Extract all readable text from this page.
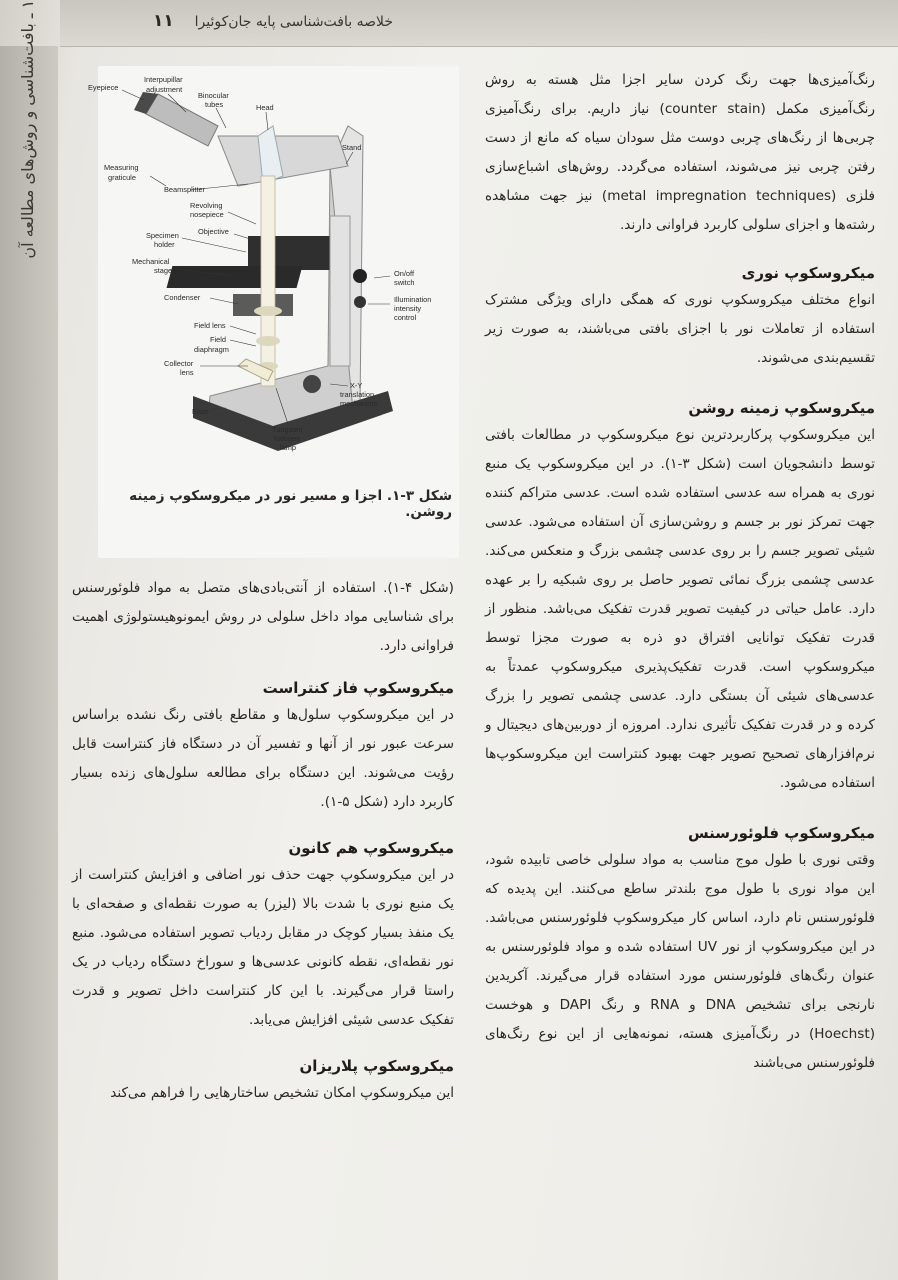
خلاصه بافت‌شناسی پایه جان‌کوئیرا
۱۱
۱ ـ بافت‌شناسی و روش‌های مطالعه آن

رنگ‌آمیزی‌ها جهت رنگ کردن سایر اجزا مثل هسته به روش رنگ‌آمیزی مکمل (counter stain) نیاز داریم. برای رنگ‌آمیزی چربی‌ها از رنگ‌های چربی دوست مثل سودان سیاه که مانع از دست رفتن چربی نیز می‌شوند، استفاده می‌گردد. روش‌های اشباع‌سازی فلزی (metal impregnation techniques) نیز جهت مشاهده رشته‌ها و اجزای سلولی کاربرد فراوانی دارند.

میکروسکوپ نوری

انواع مختلف میکروسکوپ نوری که همگی دارای ویژگی مشترک استفاده از تعاملات نور با اجزای بافتی می‌باشند، به صورت زیر تقسیم‌بندی می‌شوند.

میکروسکوپ زمینه روشن

این میکروسکوپ پرکاربردترین نوع میکروسکوپ در مطالعات بافتی توسط دانشجویان است (شکل ۳-۱). در این میکروسکوپ یک منبع نوری به همراه سه عدسی استفاده شده است. عدسی متراکم کننده جهت تمرکز نور بر جسم و روشن‌سازی آن استفاده می‌شود. عدسی شیئی تصویر جسم را بر روی عدسی چشمی بزرگ و منعکس می‌کند. عدسی چشمی بزرگ نمائی تصویر حاصل بر روی شبکیه را بر عهده دارد. عامل حیاتی در کیفیت تصویر قدرت تفکیک می‌باشد. منظور از قدرت تفکیک توانایی افتراق دو ذره به صورت مجزا توسط میکروسکوپ است. قدرت تفکیک‌پذیری میکروسکوپ عمدتاً به عدسی‌های شیئی آن بستگی دارد. عدسی چشمی تصویر را بزرگ کرده و در قدرت تفکیک تأثیری ندارد. امروزه از دوربین‌های دیجیتال و نرم‌افزارهای تصحیح تصویر جهت بهبود کنتراست این میکروسکوپ‌ها استفاده می‌شود.

میکروسکوپ فلوئورسنس

وقتی نوری با طول موج مناسب به مواد سلولی خاصی تابیده شود، این مواد نوری با طول موج بلندتر ساطع می‌کنند. این پدیده که فلوئورسنس نام دارد، اساس کار میکروسکوپ فلوئورسنس می‌باشد. در این میکروسکوپ از نور UV استفاده شده و مواد فلوئورسنس به عنوان رنگ‌های فلوئورسنس مورد استفاده قرار می‌گیرند. آکریدین نارنجی برای تشخیص DNA و RNA و رنگ DAPI و هوخست (Hoechst) در رنگ‌آمیزی هسته، نمونه‌هایی از این نوع رنگ‌های فلوئورسنس می‌باشند

Eyepiece
Interpupillar
adjustment
Binocular
tubes	Head
Stand
Measuring
graticule
Beamsplitter
Revolving
nosepiece
Specimen
holder
Objective
Mechanical
stage
Condenser
On/off
switch
Illumination
intensity
control
Field lens
Field
diaphragm
Collector
lens
Base
X-Y
translation
mechanism
Tungsten
halogen
lamp
شکل ۳-۱. اجزا و مسیر نور در میکروسکوپ زمینه روشن.

(شکل ۴-۱). استفاده از آنتی‌بادی‌های متصل به مواد فلوئورسنس برای شناسایی مواد داخل سلولی در روش ایمونوهیستولوژی اهمیت فراوانی دارد.

میکروسکوپ فاز کنتراست

در این میکروسکوپ سلول‌ها و مقاطع بافتی رنگ نشده براساس سرعت عبور نور از آنها و تفسیر آن در دستگاه فاز کنتراست قابل رؤیت می‌شوند. این دستگاه برای مطالعه سلول‌های زنده بسیار کاربرد دارد (شکل ۵-۱).

میکروسکوپ هم کانون

در این میکروسکوپ جهت حذف نور اضافی و افزایش کنتراست از یک منبع نوری با شدت بالا (لیزر) به صورت نقطه‌ای و صفحه‌ای با یک منفذ بسیار کوچک در مقابل ردیاب تصویر استفاده می‌شود. منبع نور نقطه‌ای، نقطه کانونی عدسی‌ها و سوراخ دستگاه ردیاب در یک راستا قرار می‌گیرند. با این کار کنتراست داخل تصویر و قدرت تفکیک عدسی شیئی افزایش می‌یابد.

میکروسکوپ پلاریزان

این میکروسکوپ امکان تشخیص ساختارهایی را فراهم می‌کند
